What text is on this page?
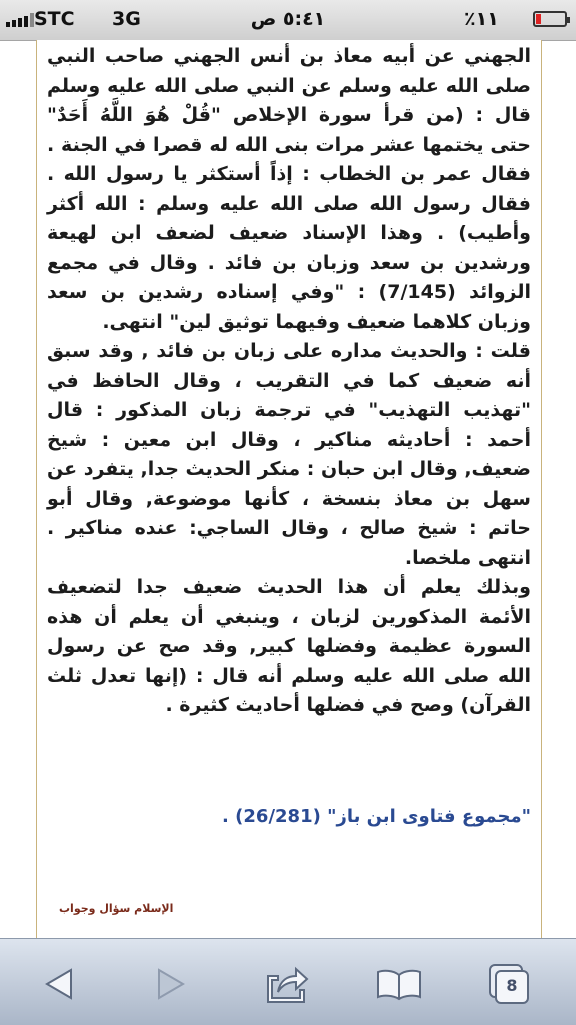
STC 3G	٥:٤١ ص	٪١١

الجهني عن أبيه معاذ بن أنس الجهني صاحب النبي صلى الله عليه وسلم عن النبي صلى الله عليه وسلم قال : (من قرأ سورة الإخلاص "قُلْ هُوَ اللَّهُ أَحَدٌ" حتى يختمها عشر مرات بنى الله له قصرا في الجنة . فقال عمر بن الخطاب : إذاً أستكثر يا رسول الله . فقال رسول الله صلى الله عليه وسلم : الله أكثر وأطيب) . وهذا الإسناد ضعيف لضعف ابن لهيعة ورشدين بن سعد وزبان بن فائد . وقال في مجمع الزوائد (7/145) : "وفي إسناده رشدين بن سعد وزبان كلاهما ضعيف وفيهما توثيق لين" انتهى.

قلت : والحديث مداره على زبان بن فائد , وقد سبق أنه ضعيف كما في التقريب ، وقال الحافظ في "تهذيب التهذيب" في ترجمة زبان المذكور : قال أحمد : أحاديثه مناكير ، وقال ابن معين : شيخ ضعيف, وقال ابن حبان : منكر الحديث جدا, يتفرد عن سهل بن معاذ بنسخة ، كأنها موضوعة, وقال أبو حاتم : شيخ صالح ، وقال الساجي: عنده مناكير . انتهى ملخصا.

وبذلك يعلم أن هذا الحديث ضعيف جدا لتضعيف الأئمة المذكورين لزبان ، وينبغي أن يعلم أن هذه السورة عظيمة وفضلها كبير, وقد صح عن رسول الله صلى الله عليه وسلم أنه قال : (إنها تعدل ثلث القرآن) وصح في فضلها أحاديث كثيرة .

"مجموع فتاوى ابن باز" (26/281) .
الإسلام سؤال وجواب
8
